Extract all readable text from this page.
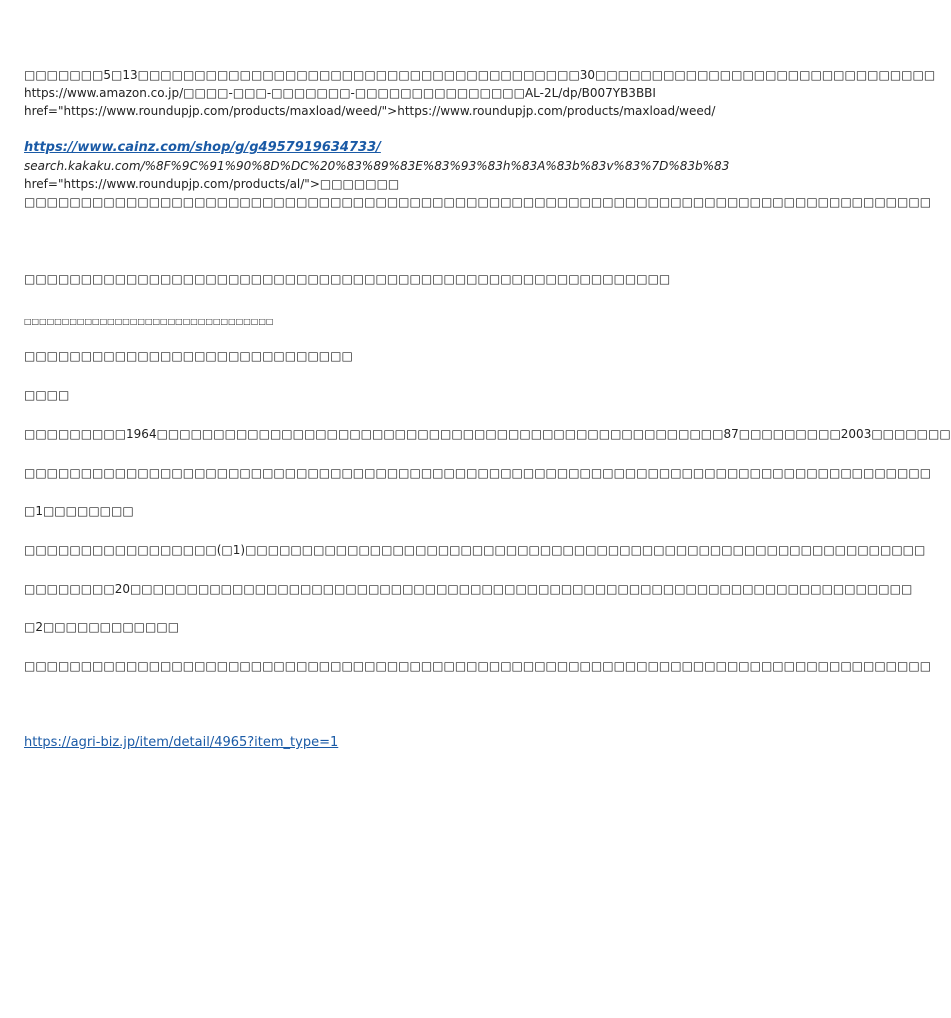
□□□□□□□5□13□□□□□□□□□□□□□□□□□□□□□□□□□□□□□□□□□□□□□□□30□□□□□□□□□□□□□□□□□□□□□□□□□□□□□□
https://www.amazon.co.jp/□□□□-□□□-□□□□□□□-□□□□□□□□□□□□□□□AL-2L/dp/B007YB3BBI
href="https://www.roundupjp.com/products/maxload/weed/">https://www.roundupjp.com/products/maxload/weed/
https://www.cainz.com/shop/g/g4957919634733/
search.kakaku.com/%8F%9C%91%90%8D%DC%20%83%89%83E%83%93%83h%83A%83b%83v%83%7D%83b%83
href="https://www.roundupjp.com/products/al/">□□□□□□□
□□□□□□□□□□□□□□□□□□□□□□□□□□□□□□□□□□□□□□□□□□□□□□□□□□□□□□□□□□□□□□□□□□□□□□□□□□□□□□□□
□□□□□□□□□□□□□□□□□□□□□□□□□□□□□□□□□□□□□□□□□□□□□□□□□□□□□□□□□
□□□□□□□□□□□□□□□□□□□□□□□□□□□□□□□□□
□□□□□□□□□□□□□□□□□□□□□□□□□□□□□
□□□□
□□□□□□□□□1964□□□□□□□□□□□□□□□□□□□□□□□□□□□□□□□□□□□□□□□□□□□□□□□□□□87□□□□□□□□□2003□□□□□□□
□□□□□□□□□□□□□□□□□□□□□□□□□□□□□□□□□□□□□□□□□□□□□□□□□□□□□□□□□□□□□□□□□□□□□□□□□□□□□□□□
□1□□□□□□□□
□□□□□□□□□□□□□□□□□(□1)□□□□□□□□□□□□□□□□□□□□□□□□□□□□□□□□□□□□□□□□□□□□□□□□□□□□□□□□□□□□
□□□□□□□□20□□□□□□□□□□□□□□□□□□□□□□□□□□□□□□□□□□□□□□□□□□□□□□□□□□□□□□□□□□□□□□□□□□□□□
□2□□□□□□□□□□□□
□□□□□□□□□□□□□□□□□□□□□□□□□□□□□□□□□□□□□□□□□□□□□□□□□□□□□□□□□□□□□□□□□□□□□□□□□□□□□□□□
https://agri-biz.jp/item/detail/4965?item_type=1
